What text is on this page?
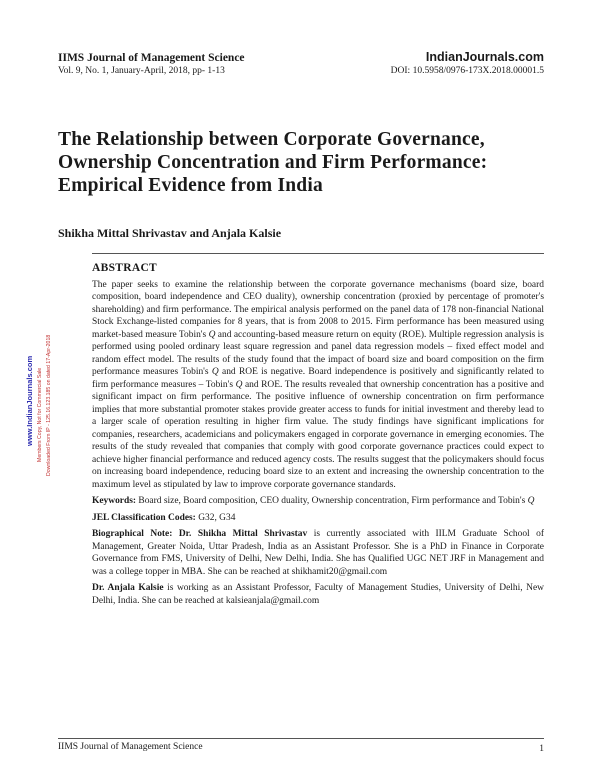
IIMS Journal of Management Science
Vol. 9, No. 1, January-April, 2018, pp- 1-13
IndianJournals.com
DOI: 10.5958/0976-173X.2018.00001.5
The Relationship between Corporate Governance, Ownership Concentration and Firm Performance: Empirical Evidence from India
Shikha Mittal Shrivastav and Anjala Kalsie
www.IndianJournals.com Members Copy, Not for Commercial Sale Downloaded From IP - 125.16.123.185 on dated 17-Apr-2018
ABSTRACT

The paper seeks to examine the relationship between the corporate governance mechanisms (board size, board composition, board independence and CEO duality), ownership concentration (proxied by percentage of promoter's shareholding) and firm performance. The empirical analysis performed on the panel data of 178 non-financial National Stock Exchange-listed companies for 8 years, that is from 2008 to 2015. Firm performance has been measured using market-based measure Tobin's Q and accounting-based measure return on equity (ROE). Multiple regression analysis is performed using pooled ordinary least square regression and panel data regression models – fixed effect model and random effect model. The results of the study found that the impact of board size and board composition on the firm performance measures Tobin's Q and ROE is negative. Board independence is positively and significantly related to firm performance measures – Tobin's Q and ROE. The results revealed that ownership concentration has a positive and significant impact on firm performance. The positive influence of ownership concentration on firm performance implies that more substantial promoter stakes provide greater access to funds for initial investment and thereby lead to a larger scale of operation resulting in higher firm value. The study findings have significant implications for companies, researchers, academicians and policymakers engaged in corporate governance in emerging economies. The results of the study revealed that companies that comply with good corporate governance practices could expect to achieve higher financial performance and reduced agency costs. The results suggest that the policymakers should focus on increasing board independence, reducing board size to an extent and increasing the ownership concentration to the maximum level as stipulated by law to improve corporate governance standards.

Keywords: Board size, Board composition, CEO duality, Ownership concentration, Firm performance and Tobin's Q

JEL Classification Codes: G32, G34

Biographical Note: Dr. Shikha Mittal Shrivastav is currently associated with IILM Graduate School of Management, Greater Noida, Uttar Pradesh, India as an Assistant Professor. She is a PhD in Finance in Corporate Governance from FMS, University of Delhi, New Delhi, India. She has Qualified UGC NET JRF in Management and was a college topper in MBA. She can be reached at shikhamit20@gmail.com

Dr. Anjala Kalsie is working as an Assistant Professor, Faculty of Management Studies, University of Delhi, New Delhi, India. She can be reached at kalsieanjala@gmail.com

IIMS Journal of Management Science	1
